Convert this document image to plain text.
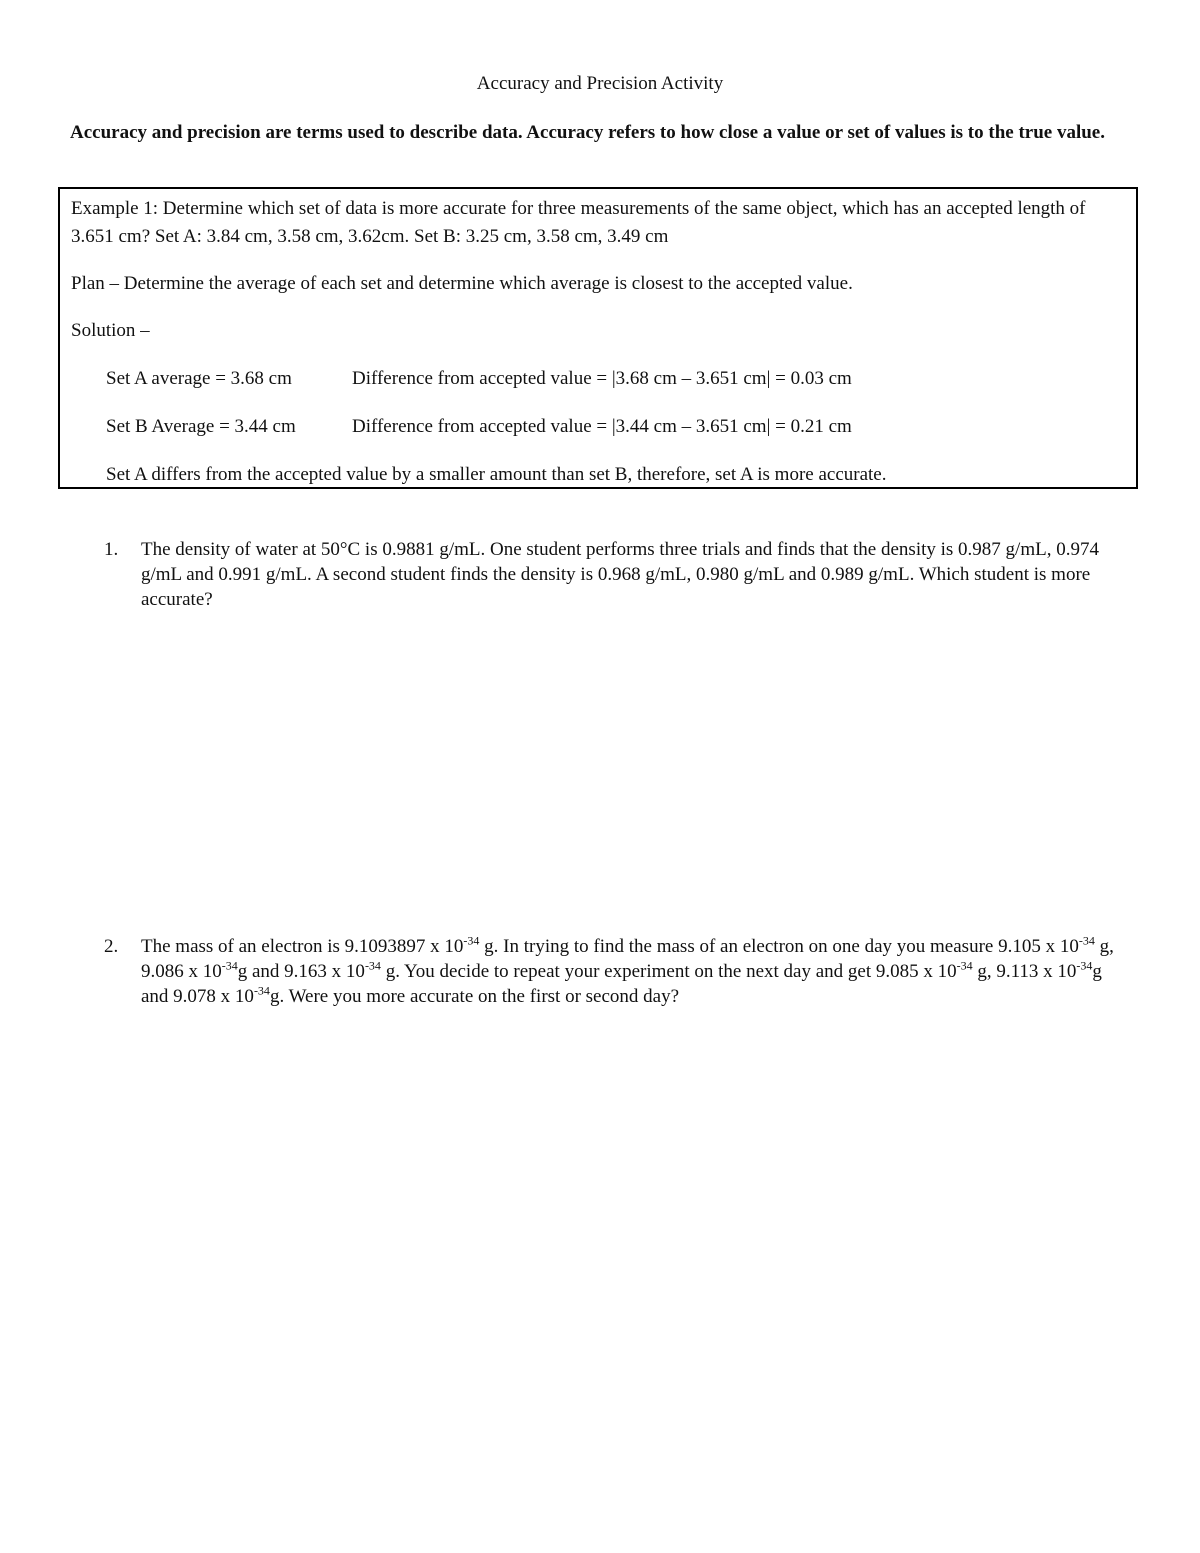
Accuracy and Precision Activity
Accuracy and precision are terms used to describe data. Accuracy refers to how close a value or set of values is to the true value.
Example 1: Determine which set of data is more accurate for three measurements of the same object, which has an accepted length of 3.651 cm? Set A: 3.84 cm, 3.58 cm, 3.62cm. Set B: 3.25 cm, 3.58 cm, 3.49 cm
Plan – Determine the average of each set and determine which average is closest to the accepted value.
Solution –
Set A average = 3.68 cm	Difference from accepted value = |3.68 cm – 3.651 cm| = 0.03 cm
Set B Average = 3.44 cm	Difference from accepted value = |3.44 cm – 3.651 cm| = 0.21 cm
Set A differs from the accepted value by a smaller amount than set B, therefore, set A is more accurate.
1.	The density of water at 50°C is 0.9881 g/mL. One student performs three trials and finds that the density is 0.987 g/mL, 0.974 g/mL and 0.991 g/mL. A second student finds the density is 0.968 g/mL, 0.980 g/mL and 0.989 g/mL. Which student is more accurate?
2.	The mass of an electron is 9.1093897 x $10^{-34}$ g. In trying to find the mass of an electron on one day you measure 9.105 x $10^{-34}$ g, 9.086 x $10^{-34}g$ and 9.163 x $10^{-34}$ g. You decide to repeat your experiment on the next day and get 9.085 x $10^{-34}$ g, 9.113 x $10^{-34}g$ and 9.078 x $10^{-34}g$. Were you more accurate on the first or second day?
